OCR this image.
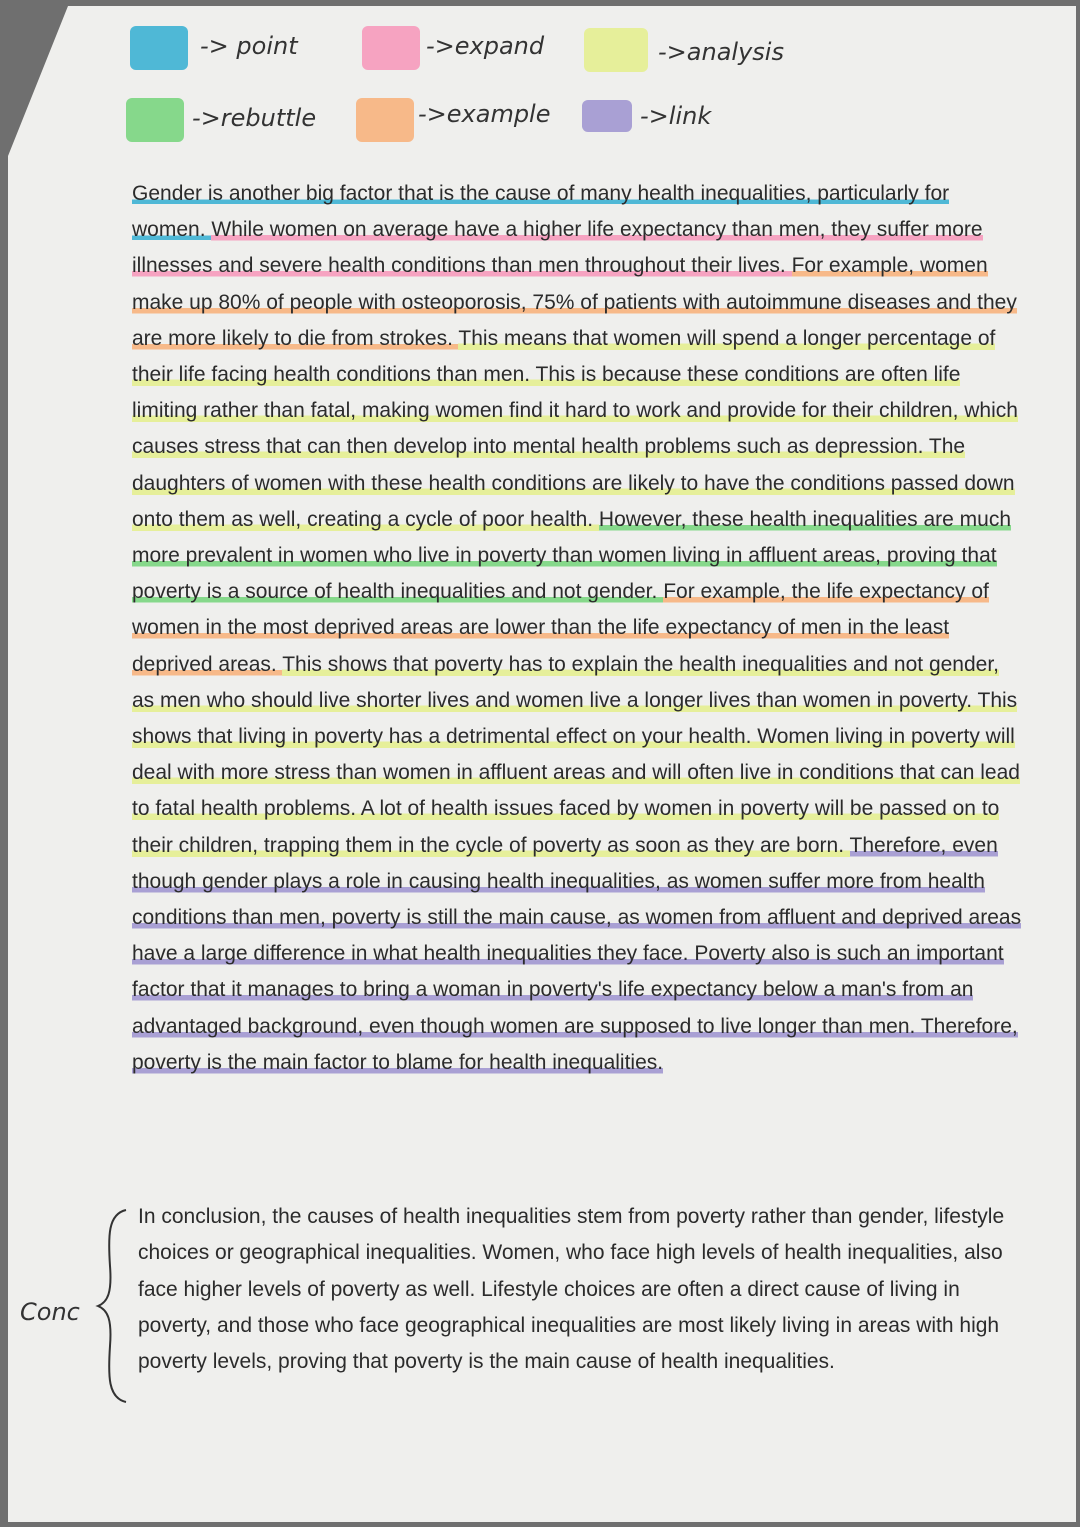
-> point	->expand	->analysis
->rebuttle	->example	->link
Gender is another big factor that is the cause of many health inequalities, particularly for women. While women on average have a higher life expectancy than men, they suffer more illnesses and severe health conditions than men throughout their lives. For example, women make up 80% of people with osteoporosis, 75% of patients with autoimmune diseases and they are more likely to die from strokes. This means that women will spend a longer percentage of their life facing health conditions than men. This is because these conditions are often life limiting rather than fatal, making women find it hard to work and provide for their children, which causes stress that can then develop into mental health problems such as depression. The daughters of women with these health conditions are likely to have the conditions passed down onto them as well, creating a cycle of poor health. However, these health inequalities are much more prevalent in women who live in poverty than women living in affluent areas, proving that poverty is a source of health inequalities and not gender. For example, the life expectancy of women in the most deprived areas are lower than the life expectancy of men in the least deprived areas. This shows that poverty has to explain the health inequalities and not gender, as men who should live shorter lives and women live a longer lives than women in poverty. This shows that living in poverty has a detrimental effect on your health. Women living in poverty will deal with more stress than women in affluent areas and will often live in conditions that can lead to fatal health problems. A lot of health issues faced by women in poverty will be passed on to their children, trapping them in the cycle of poverty as soon as they are born. Therefore, even though gender plays a role in causing health inequalities, as women suffer more from health conditions than men, poverty is still the main cause, as women from affluent and deprived areas have a large difference in what health inequalities they face. Poverty also is such an important factor that it manages to bring a woman in poverty's life expectancy below a man's from an advantaged background, even though women are supposed to live longer than men. Therefore, poverty is the main factor to blame for health inequalities.
Conc
In conclusion, the causes of health inequalities stem from poverty rather than gender, lifestyle choices or geographical inequalities. Women, who face high levels of health inequalities, also face higher levels of poverty as well. Lifestyle choices are often a direct cause of living in poverty, and those who face geographical inequalities are most likely living in areas with high poverty levels, proving that poverty is the main cause of health inequalities.
